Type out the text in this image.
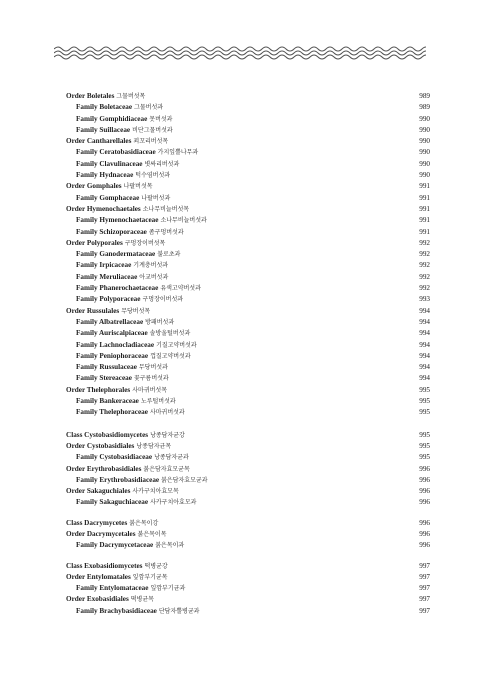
Order Boletales 그물버섯목	989
Family Boletaceae 그물버섯과	989
Family Gomphidiaceae 못버섯과	990
Family Suillaceae 비단그물버섯과	990
Order Cantharellales 꾀꼬리버섯목	990
Family Ceratobasidiaceae 가지잎뿔나무과	990
Family Clavulinaceae 볏싸리버섯과	990
Family Hydnaceae 턱수염버섯과	990
Order Gomphales 나팔버섯목	991
Family Gomphaceae 나팔버섯과	991
Order Hymenochaetales 소나무비늘버섯목	991
Family Hymenochaetaceae 소나무비늘버섯과	991
Family Schizoporaceae 좀구멍버섯과	991
Order Polyporales 구멍장이버섯목	992
Family Ganodermataceae 불로초과	992
Family Irpicaceae 기계충버섯과	992
Family Meruliaceae 아교버섯과	992
Family Phanerochaetaceae 유색고약버섯과	992
Family Polyporaceae 구멍장이버섯과	993
Order Russulales 무당버섯목	994
Family Albatrellaceae 방패버섯과	994
Family Auriscalpiaceae 솔방울털버섯과	994
Family Lachnocladiaceae 기질고약버섯과	994
Family Peniophoraceae 껍질고약버섯과	994
Family Russulaceae 무당버섯과	994
Family Stereaceae 꽃구름버섯과	994
Order Thelephorales 사마귀버섯목	995
Family Bankeraceae 노루털버섯과	995
Family Thelephoraceae 사마귀버섯과	995
Class Cystobasidiomycetes 낭종담자균강	995
Order Cystobasidiales 낭종담자균목	995
Family Cystobasidiaceae 낭종담자균과	995
Order Erythrobasidiales 붉은담자효모균목	996
Family Erythrobasidiaceae 붉은담자효모균과	996
Order Sakaguchiales 사카구치아효모목	996
Family Sakaguchiaceae 사카구치아효모과	996
Class Dacrymycetes 붉은목이강	996
Order Dacrymycetales 붉은목이목	996
Family Dacrymycetaceae 붉은목이과	996
Class Exobasidiomycetes 떡병균강	997
Order Entylomatales 잎깜부기균목	997
Family Entylomataceae 잎깜부기균과	997
Order Exobasidiales 떡병균목	997
Family Brachybasidiaceae 단담자뿔병균과	997
